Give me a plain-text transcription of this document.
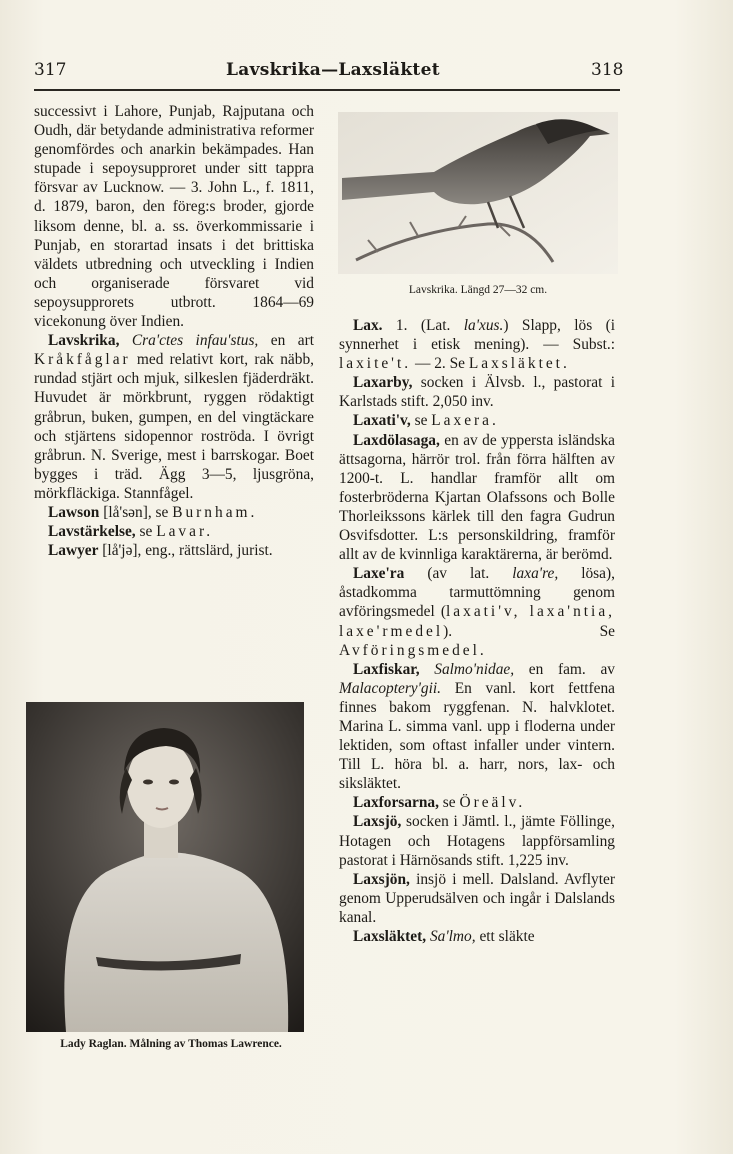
317	Lavskrika—Laxsläktet	318

successivt i Lahore, Punjab, Rajputana och Oudh, där betydande administrativa reformer genomfördes och anarkin bekämpades. Han stupade i sepoysupproret under sitt tappra försvar av Lucknow. — 3. John L., f. 1811, d. 1879, baron, den föreg:s broder, gjorde liksom denne, bl. a. ss. överkommissarie i Punjab, en storartad insats i det brittiska väldets utbredning och utveckling i Indien och organiserade försvaret vid sepoysupprorets utbrott. 1864—69 vicekonung över Indien.

Lavskrika, Cra'ctes infau'stus, en art Kråkfåglar med relativt kort, rak näbb, rundad stjärt och mjuk, silkeslen fjäderdräkt. Huvudet är mörkbrunt, ryggen rödaktigt gråbrun, buken, gumpen, en del vingtäckare och stjärtens sidopennor roströda. I övrigt gråbrun. N. Sverige, mest i barrskogar. Boet bygges i träd. Ägg 3—5, ljusgröna, mörkfläckiga. Stannfågel.

Lawson [lå'sən], se Burnham.

Lavstärkelse, se Lavar.

Lawyer [lå'jə], eng., rättslärd, jurist.

Lavskrika. Längd 27—32 cm.
Lady Raglan. Målning av Thomas Lawrence.

Lax. 1. (Lat. la'xus.) Slapp, lös (i synnerhet i etisk mening). — Subst.: laxite't. — 2. Se Laxsläktet.

Laxarby, socken i Älvsb. l., pastorat i Karlstads stift. 2,050 inv.

Laxati'v, se Laxera.

Laxdölasaga, en av de yppersta isländska ättsagorna, härrör trol. från förra hälften av 1200-t. L. handlar framför allt om fosterbröderna Kjartan Olafssons och Bolle Thorleikssons kärlek till den fagra Gudrun Osvifsdotter. L:s personskildring, framför allt av de kvinnliga karaktärerna, är berömd.

Laxe'ra (av lat. laxa're, lösa), åstadkomma tarmuttömning genom avföringsmedel (laxati'v, laxa'ntia, laxe'rmedel). Se Avföringsmedel.

Laxfiskar, Salmo'nidae, en fam. av Malacoptery'gii. En vanl. kort fettfena finnes bakom ryggfenan. N. halvklotet. Marina L. simma vanl. upp i floderna under lektiden, som oftast infaller under vintern. Till L. höra bl. a. harr, nors, lax- och siksläktet.

Laxforsarna, se Öreälv.

Laxsjö, socken i Jämtl. l., jämte Föllinge, Hotagen och Hotagens lappförsamling pastorat i Härnösands stift. 1,225 inv.

Laxsjön, insjö i mell. Dalsland. Avflyter genom Upperudsälven och ingår i Dalslands kanal.

Laxsläktet, Sa'lmo, ett släkte
